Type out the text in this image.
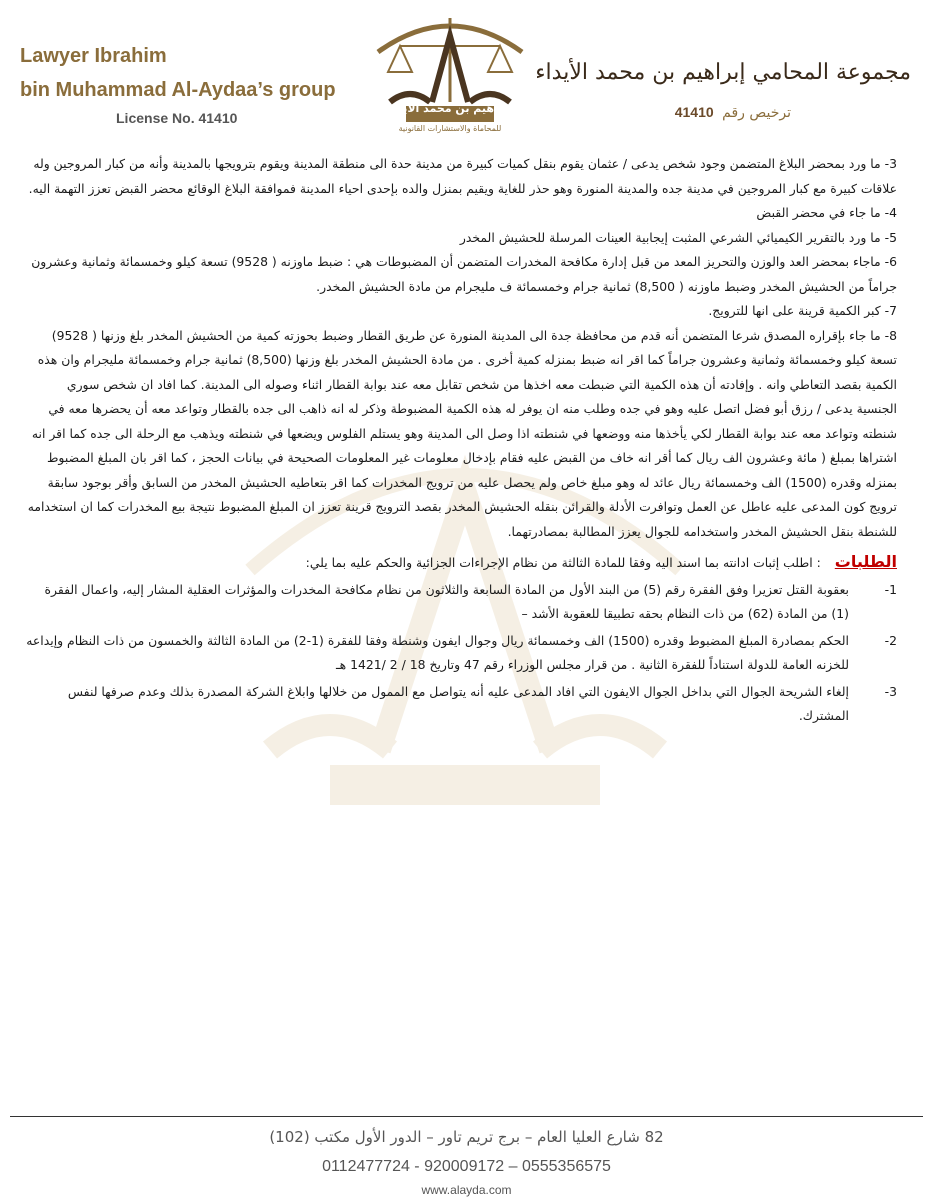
Lawyer Ibrahim
bin Muhammad Al-Aydaa’s group
License No. 41410
إبراهيم بن محمد الايداء
للمحاماة والاستشارات القانونية
مجموعة المحامي إبراهيم بن محمد الأيداء
ترخيص رقم 41410

3- ما ورد بمحضر البلاغ المتضمن وجود شخص يدعى / عثمان يقوم بنقل كميات كبيرة من مدينة حدة الى منطقة المدينة ويقوم بترويجها بالمدينة وأنه من كبار المروجين وله علاقات كبيرة مع كبار المروجين في مدينة جده والمدينة المنورة وهو حذر للغاية ويقيم بمنزل والده بإحدى احياء المدينة فموافقة البلاغ الوقائع محضر القبض تعزز التهمة اليه.

4- ما جاء في محضر القبض

5- ما ورد بالتقرير الكيميائي الشرعي المثبت إيجابية العينات المرسلة للحشيش المخدر

6- ماجاء بمحضر العد والوزن والتحريز المعد من قبل إدارة مكافحة المخدرات المتضمن أن المضبوطات هي : ضبط ماوزنه ( 9528) تسعة كيلو وخمسمائة وثمانية وعشرون جراماً من الحشيش المخدر وضبط ماوزنه ( 8,500) ثمانية جرام وخمسمائة ف مليجرام من مادة الحشيش المخدر.

7- كبر الكمية قرينة على انها للترويج.

8- ما جاء بإقراره المصدق شرعا المتضمن أنه قدم من محافظة جدة الى المدينة المنورة عن طريق القطار وضبط بحوزته كمية من الحشيش المخدر بلغ وزنها ( 9528) تسعة كيلو وخمسمائة وثمانية وعشرون جراماً كما اقر انه ضبط بمنزله كمية أخرى . من مادة الحشيش المخدر بلغ وزنها (8,500) ثمانية جرام وخمسمائة مليجرام وان هذه الكمية بقصد التعاطي وانه . وإفادته أن هذه الكمية التي ضبطت معه اخذها من شخص تقابل معه عند بوابة القطار اثناء وصوله الى المدينة. كما افاد ان شخص سوري الجنسية يدعى / رزق أبو فضل اتصل عليه وهو في جده وطلب منه ان يوفر له هذه الكمية المضبوطة وذكر له انه ذاهب الى جده بالقطار وتواعد معه أن يحضرها معه في شنطته وتواعد معه عند بوابة القطار لكي يأخذها منه ووضعها في شنطته اذا وصل الى المدينة وهو يستلم الفلوس ويضعها في شنطته ويذهب مع الرحلة الى جده كما اقر انه اشتراها بمبلغ ( مائة وعشرون الف ريال كما أقر انه خاف من القبض عليه فقام بإدخال معلومات غير المعلومات الصحيحة في بيانات الحجز ، كما اقر بان المبلغ المضبوط بمنزله وقدره (1500) الف وخمسمائة ريال عائد له وهو مبلغ خاص ولم يحصل عليه من ترويج المخدرات كما اقر بتعاطيه الحشيش المخدر من السابق وأقر بوجود سابقة ترويج كون المدعى عليه عاطل عن العمل وتوافرت الأدلة والقرائن بنقله الحشيش المخدر بقصد الترويج قرينة تعزز ان المبلغ المضبوط نتيجة بيع المخدرات كما ان استخدامه للشنطة بنقل الحشيش المخدر واستخدامه للجوال يعزز المطالبة بمصادرتهما.

الطلبات : اطلب إثبات ادانته بما اسند اليه وفقا للمادة الثالثة من نظام الإجراءات الجزائية والحكم عليه بما يلي:

-1
بعقوبة القتل تعزيرا وفق الفقرة رقم (5) من البند الأول من المادة السابعة والثلاثون من نظام مكافحة المخدرات والمؤثرات العقلية المشار إليه، واعمال الفقرة (1) من المادة (62) من ذات النظام بحقه تطبيقا للعقوبة الأشد –

-2
الحكم بمصادرة المبلغ المضبوط وقدره (1500) الف وخمسمائة ريال وجوال ايفون وشنطة وفقا للفقرة (1-2) من المادة الثالثة والخمسون من ذات النظام وإيداعه للخزنه العامة للدولة استناداً للفقرة الثانية . من قرار مجلس الوزراء رقم 47 وتاريخ 18 / 2 /1421 هـ

-3
إلغاء الشريحة الجوال التي بداخل الجوال الايفون التي افاد المدعى عليه أنه يتواصل مع الممول من خلالها وابلاغ الشركة المصدرة بذلك وعدم صرفها لنفس المشترك.

82 شارع العليا العام – برج تريم تاور – الدور الأول مكتب (102)
0112477724 - 920009172 – 0555356575
www.alayda.com
